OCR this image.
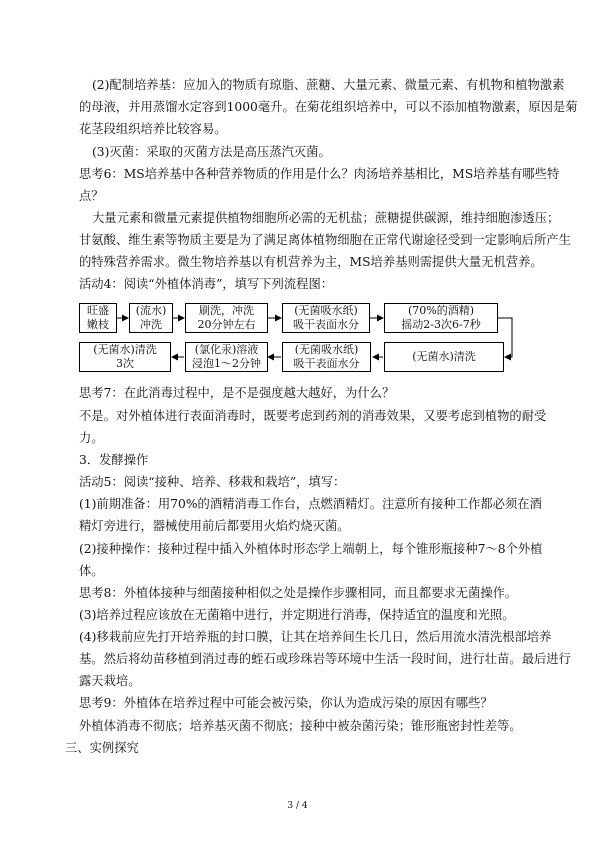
(2)配制培养基：应加入的物质有琼脂、蔗糖、大量元素、微量元素、有机物和植物激素
的母液，并用蒸馏水定容到1000毫升。在菊花组织培养中，可以不添加植物激素，原因是菊
花茎段组织培养比较容易。
(3)灭菌：采取的灭菌方法是高压蒸汽灭菌。
思考6：MS培养基中各种营养物质的作用是什么？肉汤培养基相比，MS培养基有哪些特
点？
大量元素和微量元素提供植物细胞所必需的无机盐；蔗糖提供碳源，维持细胞渗透压；
甘氨酸、维生素等物质主要是为了满足离体植物细胞在正常代谢途径受到一定影响后所产生
的特殊营养需求。微生物培养基以有机营养为主，MS培养基则需提供大量无机营养。
活动4：阅读“外植体消毒”，填写下列流程图：
旺盛
嫩枝
(流水)
冲洗
刷洗，冲洗
20分钟左右
(无菌吸水纸)
吸干表面水分
(70%的酒精)
摇动2-3次6-7秒
(无菌水)清洗
(无菌吸水纸)
吸干表面水分
(氯化汞)溶液
浸泡1～2分钟
(无菌水)清洗
3次
思考7：在此消毒过程中，是不是强度越大越好，为什么？
不是。对外植体进行表面消毒时，既要考虑到药剂的消毒效果，又要考虑到植物的耐受
力。
3．发酵操作
活动5：阅读“接种、培养、移栽和栽培”，填写：
(1)前期准备：用70%的酒精消毒工作台，点燃酒精灯。注意所有接种工作都必须在酒
精灯旁进行，器械使用前后都要用火焰灼烧灭菌。
(2)接种操作：接种过程中插入外植体时形态学上端朝上，每个锥形瓶接种7～8个外植
体。
思考8：外植体接种与细菌接种相似之处是操作步骤相同，而且都要求无菌操作。
(3)培养过程应该放在无菌箱中进行，并定期进行消毒，保持适宜的温度和光照。
(4)移栽前应先打开培养瓶的封口膜，让其在培养间生长几日，然后用流水清洗根部培养
基。然后将幼苗移植到消过毒的蛭石或珍珠岩等环境中生活一段时间，进行壮苗。最后进行
露天栽培。
思考9：外植体在培养过程中可能会被污染，你认为造成污染的原因有哪些？
外植体消毒不彻底；培养基灭菌不彻底；接种中被杂菌污染；锥形瓶密封性差等。
三、实例探究
3 / 4
